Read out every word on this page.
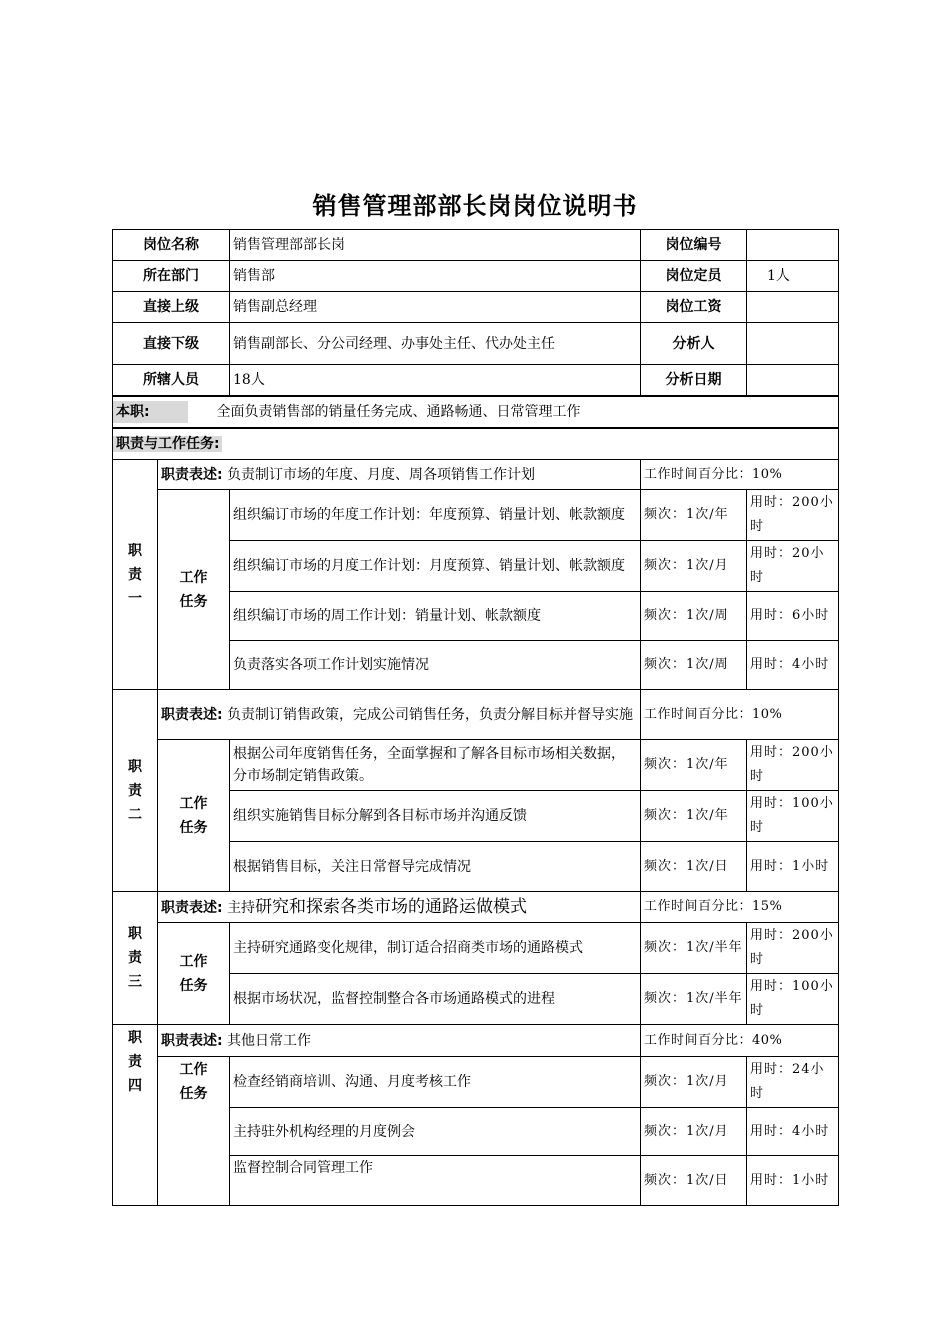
销售管理部部长岗岗位说明书
岗位名称		销售管理部部长岗	岗位编号	
所在部门		销售部	岗位定员	1人
直接上级		销售副总经理	岗位工资	
直接下级		销售副部长、分公司经理、办事处主任、代办处主任	分析人	
所辖人员		18人	分析日期	
本职: 全面负责销售部的销量任务完成、通路畅通、日常管理工作				
职责与工作任务:				
职责一	职责表述: 负责制订市场的年度、月度、周各项销售工作计划		工作时间百分比：10%	
	工作任务	组织编订市场的年度工作计划：年度预算、销量计划、帐款额度	频次：1次/年	用时：200小时
		组织编订市场的月度工作计划：月度预算、销量计划、帐款额度	频次：1次/月	用时：20小时
		组织编订市场的周工作计划：销量计划、帐款额度	频次：1次/周	用时：6小时
		负责落实各项工作计划实施情况	频次：1次/周	用时：4小时
职责二	职责表述: 负责制订销售政策，完成公司销售任务，负责分解目标并督导实施		工作时间百分比：10%	
	工作任务	根据公司年度销售任务，全面掌握和了解各目标市场相关数据，分市场制定销售政策。	频次：1次/年	用时：200小时
		组织实施销售目标分解到各目标市场并沟通反馈	频次：1次/年	用时：100小时
		根据销售目标，关注日常督导完成情况	频次：1次/日	用时：1小时
职责三	职责表述: 主持研究和探索各类市场的通路运做模式		工作时间百分比：15%	
	工作任务	主持研究通路变化规律，制订适合招商类市场的通路模式	频次：1次/半年	用时：200小时
		根据市场状况，监督控制整合各市场通路模式的进程	频次：1次/半年	用时：100小时
职责四	职责表述: 其他日常工作		工作时间百分比：40%	
	工作任务	检查经销商培训、沟通、月度考核工作	频次：1次/月	用时：24小时
		主持驻外机构经理的月度例会	频次：1次/月	用时：4小时
		监督控制合同管理工作	频次：1次/日	用时：1小时
